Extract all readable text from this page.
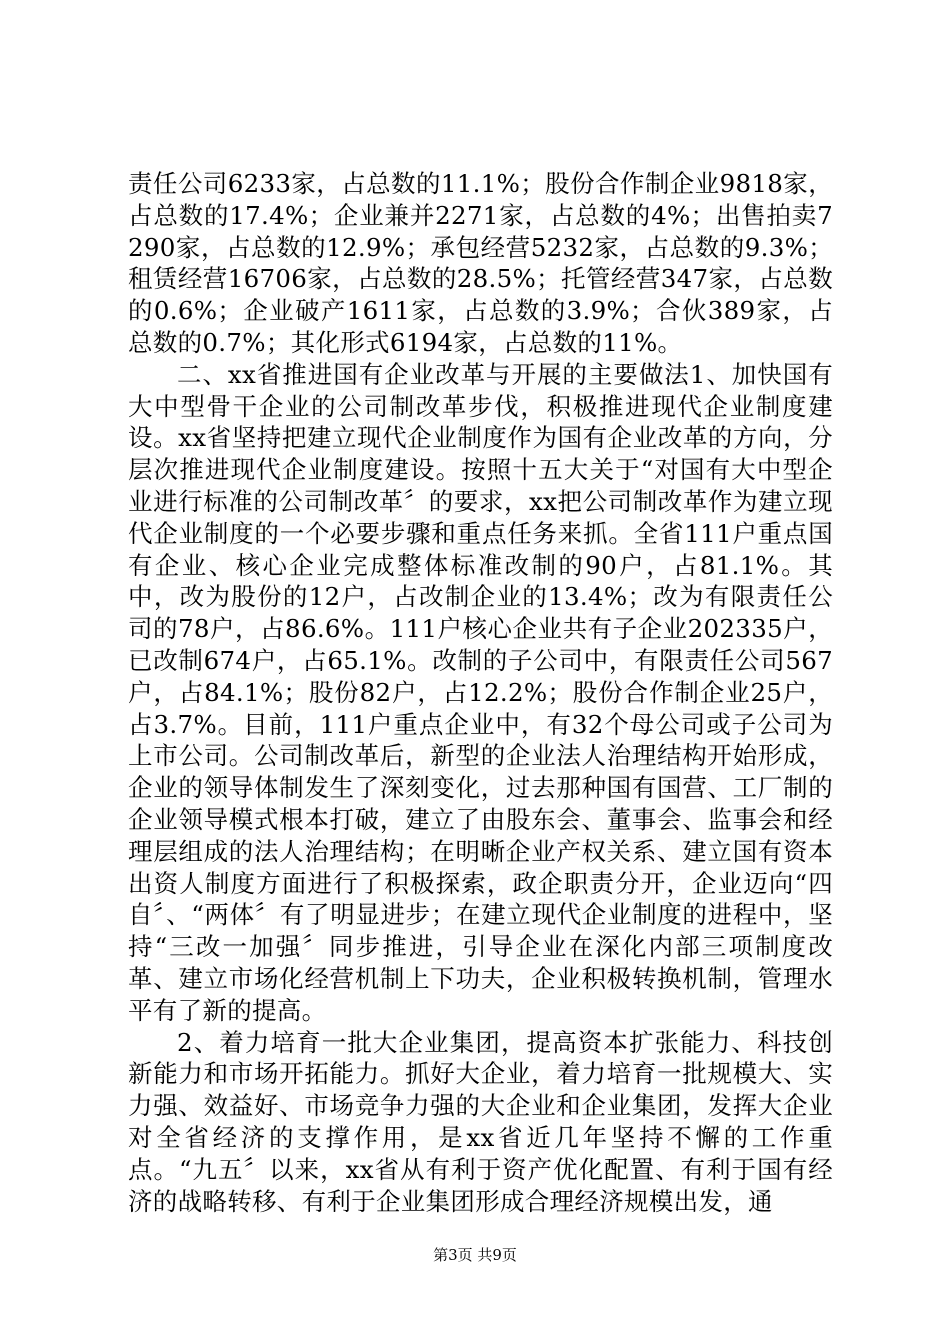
责任公司6233家，占总数的11.1%；股份合作制企业9818家，占总数的17.4%；企业兼并2271家，占总数的4%；出售拍卖7290家，占总数的12.9%；承包经营5232家，占总数的9.3%；租赁经营16706家，占总数的28.5%；托管经营347家，占总数的0.6%；企业破产1611家，占总数的3.9%；合伙389家，占总数的0.7%；其化形式6194家，占总数的11%。

二、xx省推进国有企业改革与开展的主要做法1、加快国有大中型骨干企业的公司制改革步伐，积极推进现代企业制度建设。xx省坚持把建立现代企业制度作为国有企业改革的方向，分层次推进现代企业制度建设。按照十五大关于“对国有大中型企业进行标准的公司制改革〞的要求，xx把公司制改革作为建立现代企业制度的一个必要步骤和重点任务来抓。全省111户重点国有企业、核心企业完成整体标准改制的90户，占81.1%。其中，改为股份的12户，占改制企业的13.4%；改为有限责任公司的78户，占86.6%。111户核心企业共有子企业202335户，已改制674户，占65.1%。改制的子公司中，有限责任公司567户，占84.1%；股份82户，占12.2%；股份合作制企业25户，占3.7%。目前，111户重点企业中，有32个母公司或子公司为上市公司。公司制改革后，新型的企业法人治理结构开始形成，企业的领导体制发生了深刻变化，过去那种国有国营、工厂制的企业领导模式根本打破，建立了由股东会、董事会、监事会和经理层组成的法人治理结构；在明晰企业产权关系、建立国有资本出资人制度方面进行了积极探索，政企职责分开，企业迈向“四自〞、“两体〞有了明显进步；在建立现代企业制度的进程中，坚持“三改一加强〞同步推进，引导企业在深化内部三项制度改革、建立市场化经营机制上下功夫，企业积极转换机制，管理水平有了新的提高。

2、着力培育一批大企业集团，提高资本扩张能力、科技创新能力和市场开拓能力。抓好大企业，着力培育一批规模大、实力强、效益好、市场竞争力强的大企业和企业集团，发挥大企业对全省经济的支撑作用，是xx省近几年坚持不懈的工作重点。“九五〞以来，xx省从有利于资产优化配置、有利于国有经济的战略转移、有利于企业集团形成合理经济规模出发，通

第3页 共9页
